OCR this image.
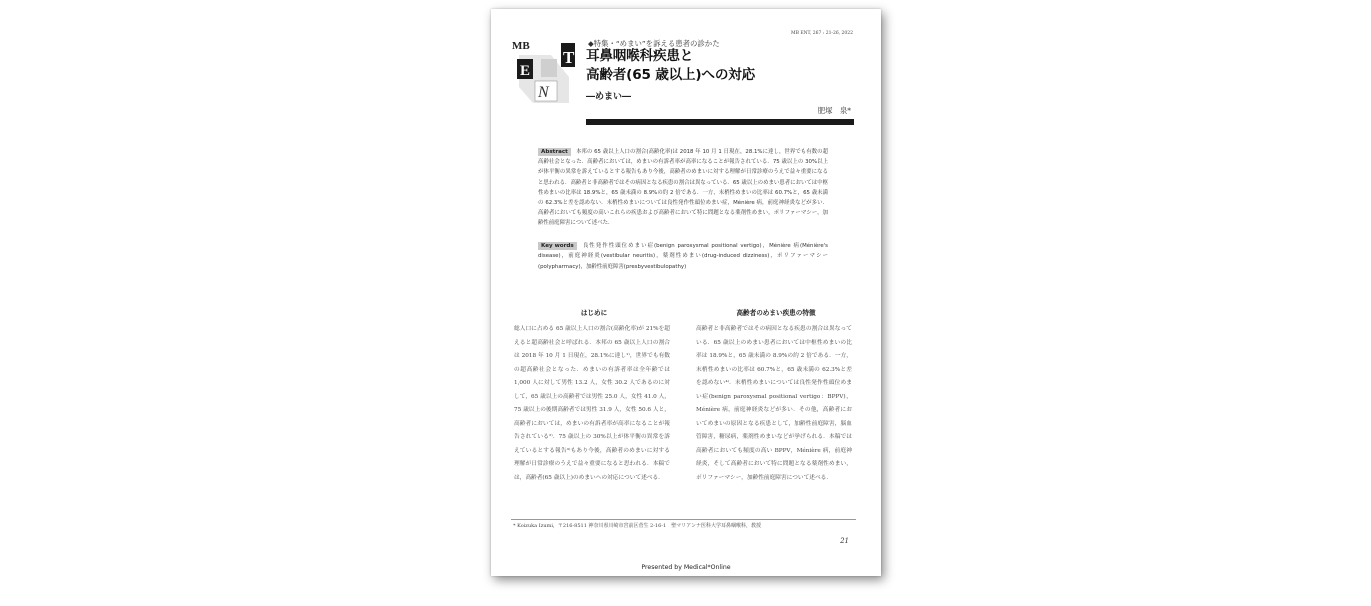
MB
E
T
N
MB ENT, 267 : 21-26, 2022
◆特集・“めまい”を訴える患者の診かた
耳鼻咽喉科疾患と
高齢者(65 歳以上)への対応
―めまい―
肥塚　泉*
Abstract 本邦の 65 歳以上人口の割合(高齢化率)は 2018 年 10 月 1 日現在，28.1%に達し，世界でも有数の超高齢社会となった．高齢者においては，めまいの有訴者率が高率になることが報告されている．75 歳以上の 30%以上が体平衡の異常を訴えているとする報告もあり今後，高齢者のめまいに対する理解が日常診療のうえで益々重要になると思われる．高齢者と非高齢者ではその病因となる疾患の割合は異なっている．65 歳以上のめまい患者においては中枢性めまいの比率は 18.9%と，65 歳未満の 8.9%の約 2 倍である．一方，末梢性めまいの比率は 60.7%と，65 歳未満の 62.3%と差を認めない．末梢性めまいについては良性発作性頭位めまい症，Ménière 病，前庭神経炎などが多い．高齢者においても頻度の高いこれらの疾患および高齢者において特に問題となる薬剤性めまい，ポリファーマシー，加齢性前庭障害について述べた．
Key words 良性発作性頭位めまい症(benign paroxysmal positional vertigo)，Ménière 病(Ménière's disease)，前庭神経炎(vestibular neuritis)，薬剤性めまい(drug-induced dizziness)，ポリファーマシー(polypharmacy)，加齢性前庭障害(presbyvestibulopathy)
はじめに
総人口に占める 65 歳以上人口の割合(高齢化率)が 21%を超えると超高齢社会と呼ばれる．本邦の 65 歳以上人口の割合は 2018 年 10 月 1 日現在，28.1%に達し¹⁾，世界でも有数の超高齢社会となった．めまいの有訴者率は全年齢では 1,000 人に対して男性 13.2 人，女性 30.2 人であるのに対して，65 歳以上の高齢者では男性 25.0 人，女性 41.0 人，75 歳以上の後期高齢者では男性 31.9 人，女性 50.6 人と，高齢者においては，めまいの有訴者率が高率になることが報告されている²⁾．75 歳以上の 30%以上が体平衡の異常を訴えているとする報告³⁾もあり今後，高齢者のめまいに対する理解が日常診療のうえで益々重要になると思われる．本稿では，高齢者(65 歳以上)のめまいへの対応について述べる．
高齢者のめまい疾患の特徴
高齢者と非高齢者ではその病因となる疾患の割合は異なっている．65 歳以上のめまい患者においては中枢性めまいの比率は 18.9%と，65 歳未満の 8.9%の約 2 倍である．一方，末梢性めまいの比率は 60.7%と，65 歳未満の 62.3%と差を認めない⁴⁾．末梢性めまいについては良性発作性頭位めまい症(benign paroxysmal positional vertigo：BPPV)，Ménière 病，前庭神経炎などが多い．その他，高齢者においてめまいの原因となる疾患として，加齢性前庭障害，脳血管障害，糖尿病，薬剤性めまいなどが挙げられる．本稿では高齢者においても頻度の高い BPPV，Ménière 病，前庭神経炎，そして高齢者において特に問題となる薬剤性めまい，ポリファーマシー，加齢性前庭障害について述べる．
* Koizuka Izumi，〒216-8511 神奈川県川崎市宮前区菅生 2-16-1　聖マリアンナ医科大学耳鼻咽喉科，教授
21
Presented by Medical*Online
